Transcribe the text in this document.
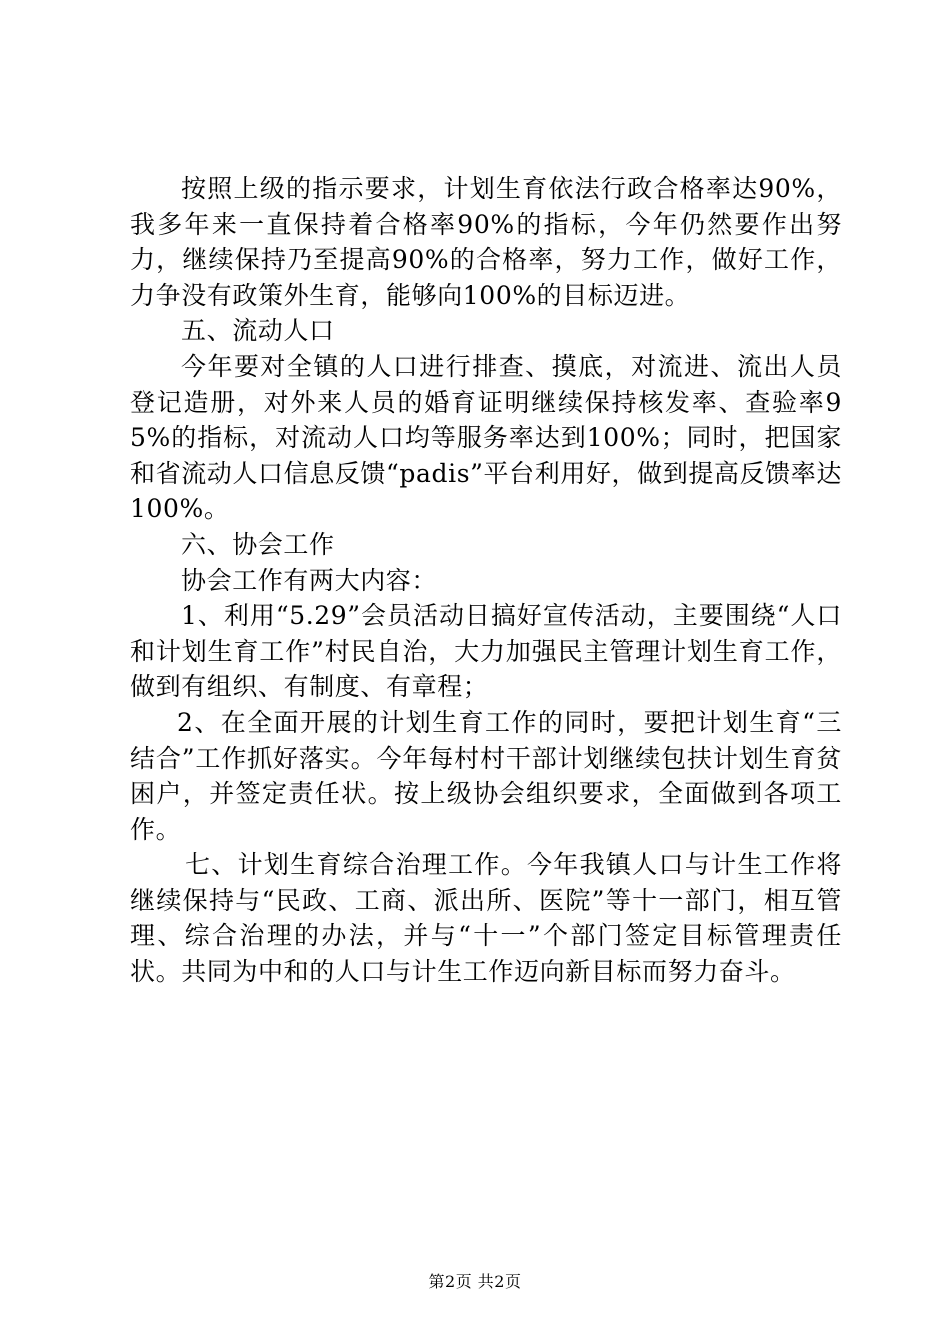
按照上级的指示要求，计划生育依法行政合格率达90%，我多年来一直保持着合格率90%的指标，今年仍然要作出努力，继续保持乃至提高90%的合格率，努力工作，做好工作，力争没有政策外生育，能够向100%的目标迈进。

五、流动人口

今年要对全镇的人口进行排查、摸底，对流进、流出人员登记造册，对外来人员的婚育证明继续保持核发率、查验率95%的指标，对流动人口均等服务率达到100%；同时，把国家和省流动人口信息反馈“padis”平台利用好，做到提高反馈率达100%。

六、协会工作

协会工作有两大内容：

1、利用“5.29”会员活动日搞好宣传活动，主要围绕“人口和计划生育工作”村民自治，大力加强民主管理计划生育工作，做到有组织、有制度、有章程；

2、在全面开展的计划生育工作的同时，要把计划生育“三结合”工作抓好落实。今年每村村干部计划继续包扶计划生育贫困户，并签定责任状。按上级协会组织要求，全面做到各项工作。

七、计划生育综合治理工作。今年我镇人口与计生工作将继续保持与“民政、工商、派出所、医院”等十一部门，相互管理、综合治理的办法，并与“十一”个部门签定目标管理责任状。共同为中和的人口与计生工作迈向新目标而努力奋斗。

第2页 共2页
